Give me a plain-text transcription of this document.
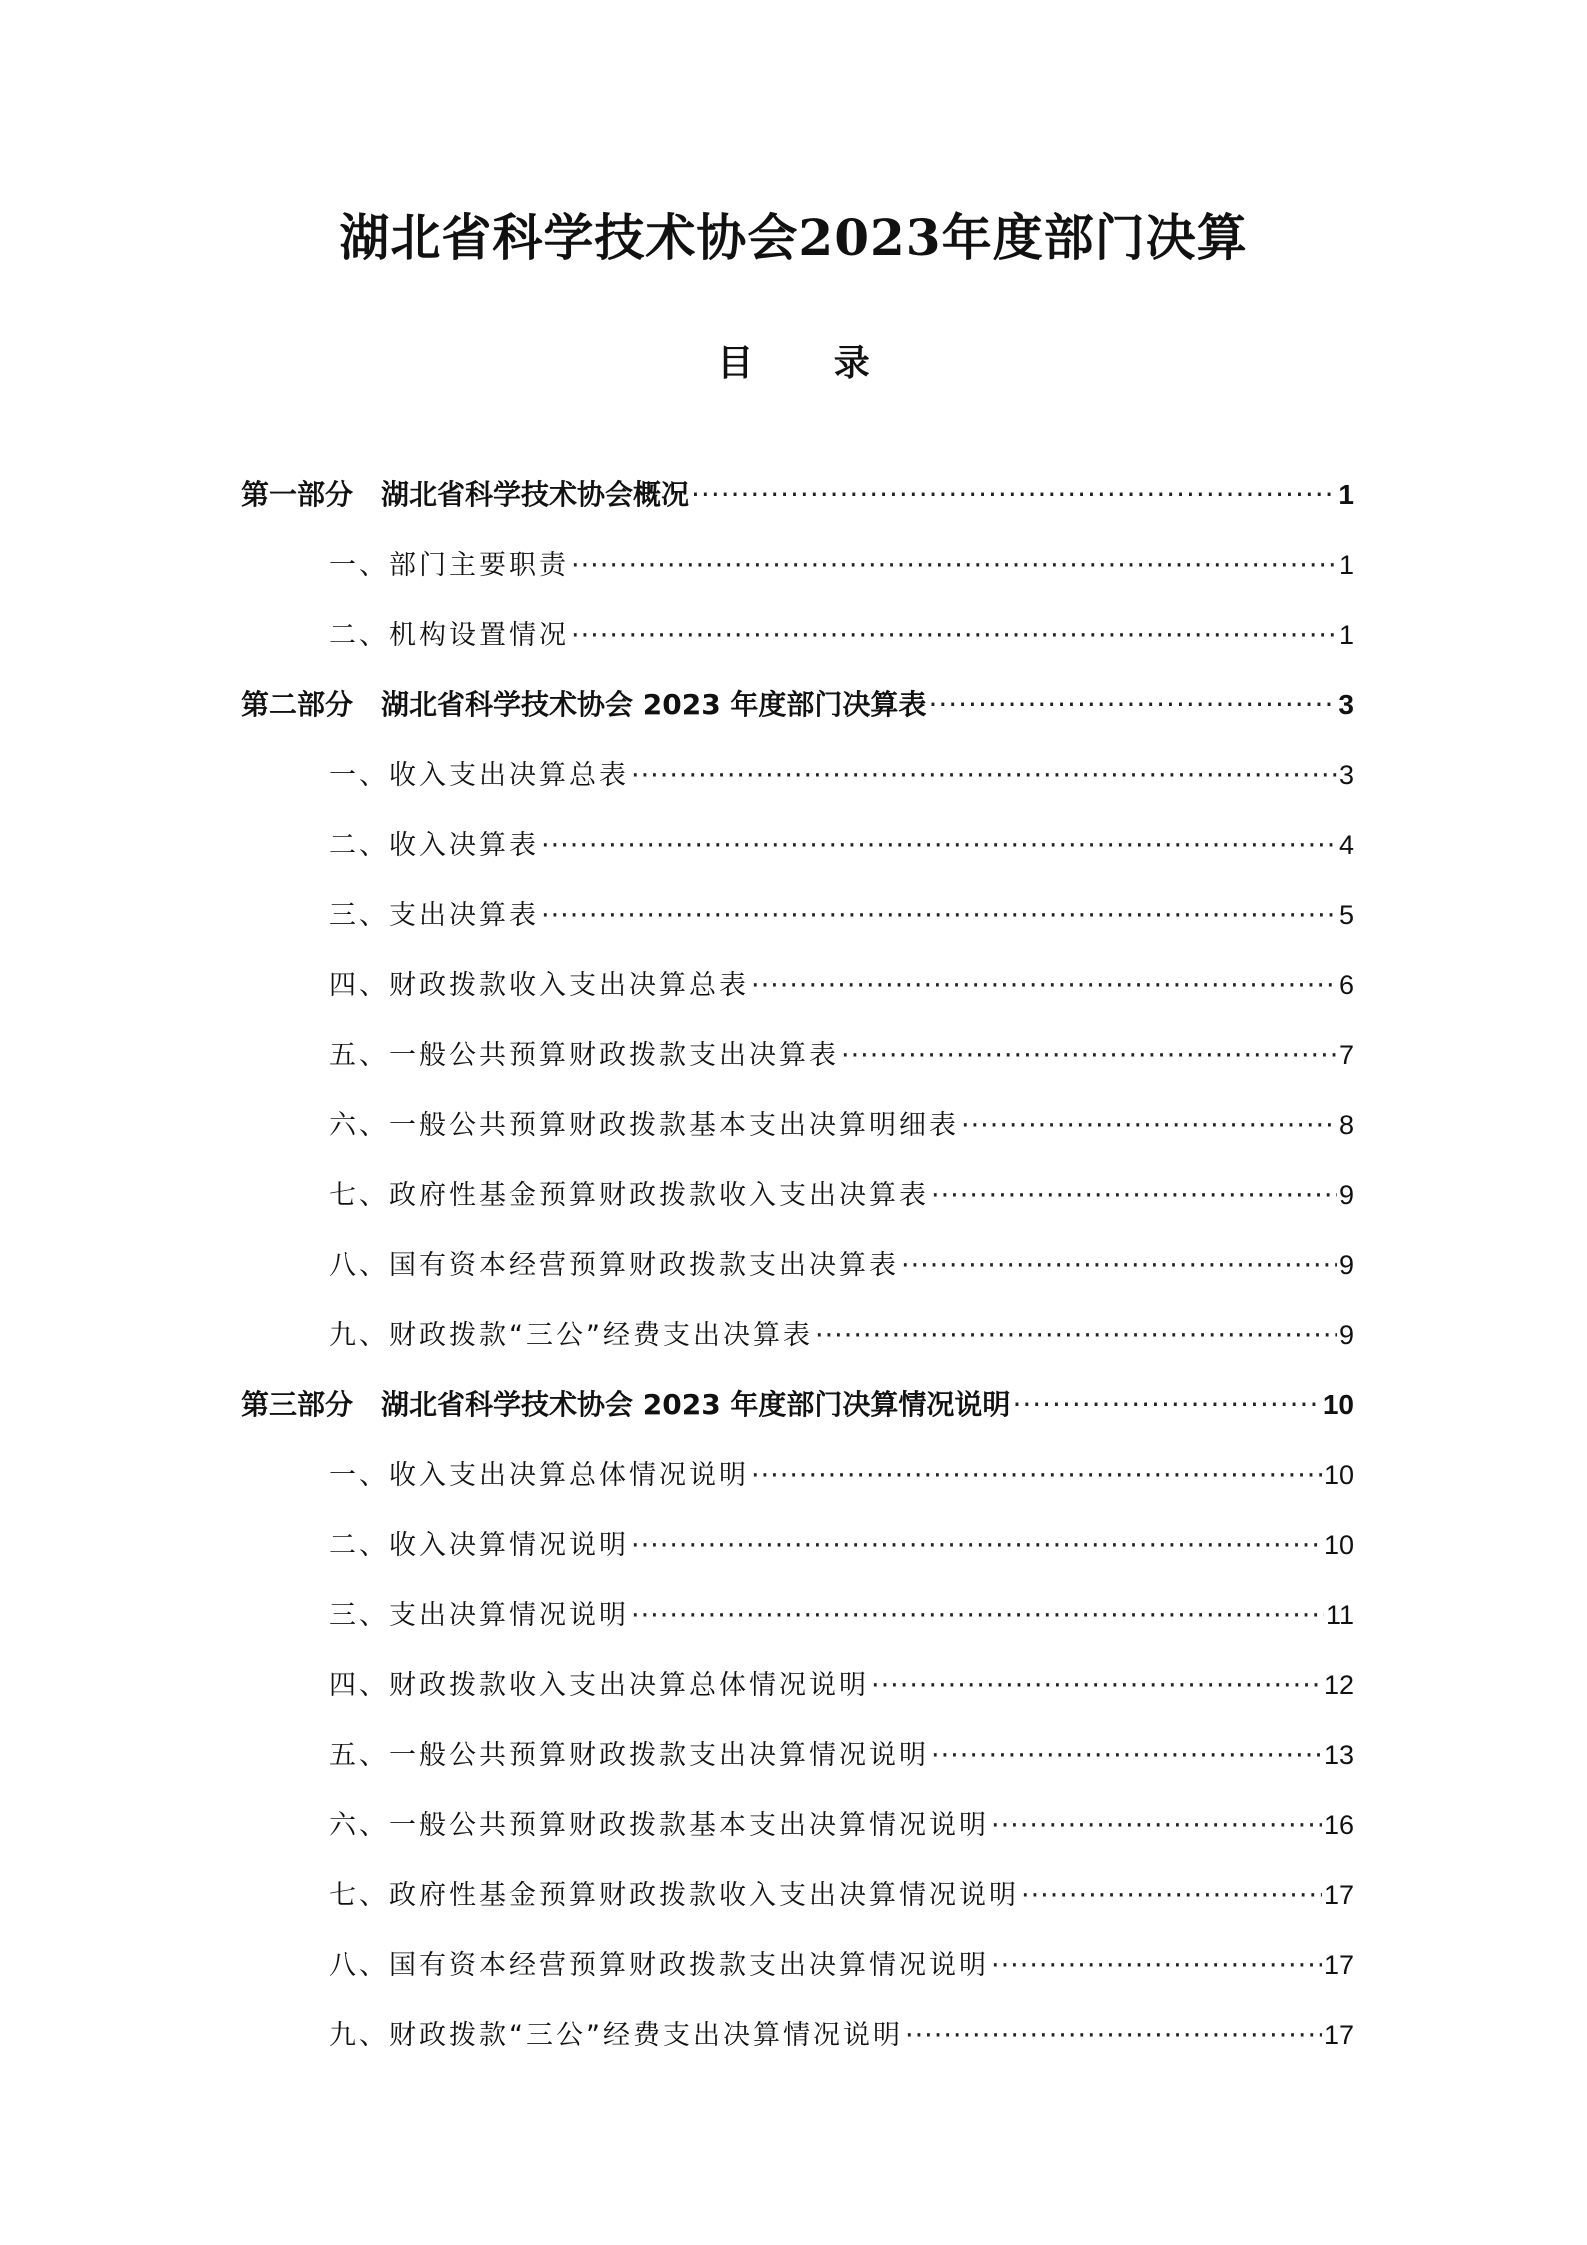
湖北省科学技术协会2023年度部门决算
目 录
第一部分　湖北省科学技术协会概况 ·····	1
一、部门主要职责 ·····	1
二、机构设置情况 ·····	1
第二部分　湖北省科学技术协会 2023 年度部门决算表 ·····	3
一、收入支出决算总表 ·····	3
二、收入决算表 ·····	4
三、支出决算表 ·····	5
四、财政拨款收入支出决算总表 ·····	6
五、一般公共预算财政拨款支出决算表 ·····	7
六、一般公共预算财政拨款基本支出决算明细表 ·····	8
七、政府性基金预算财政拨款收入支出决算表 ·····	9
八、国有资本经营预算财政拨款支出决算表 ·····	9
九、财政拨款“三公”经费支出决算表 ·····	9
第三部分　湖北省科学技术协会 2023 年度部门决算情况说明 ·····	10
一、收入支出决算总体情况说明 ·····	10
二、收入决算情况说明 ·····	10
三、支出决算情况说明 ·····	11
四、财政拨款收入支出决算总体情况说明 ·····	12
五、一般公共预算财政拨款支出决算情况说明 ·····	13
六、一般公共预算财政拨款基本支出决算情况说明 ·····	16
七、政府性基金预算财政拨款收入支出决算情况说明 ·····	17
八、国有资本经营预算财政拨款支出决算情况说明 ·····	17
九、财政拨款“三公”经费支出决算情况说明 ·····	17
